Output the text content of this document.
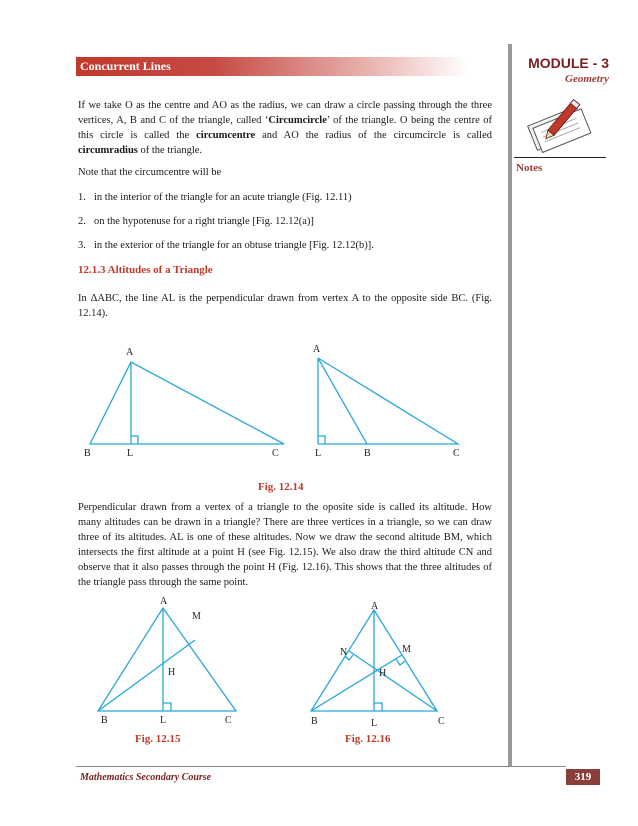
Concurrent Lines	MODULE - 3
Geometry
Notes
If we take O as the centre and AO as the radius, we can draw a circle passing through the three vertices, A, B and C of the triangle, called ‘Circumcircle’ of the triangle. O being the centre of this circle is called the circumcentre and AO the radius of the circumcircle is called circumradius of the triangle.
Note that the circumcentre will be
1. in the interior of the triangle for an acute triangle (Fig. 12.11)
2. on the hypotenuse for a right triangle [Fig. 12.12(a)]
3. in the exterior of the triangle for an obtuse triangle [Fig. 12.12(b)].
12.1.3 Altitudes of a Triangle
In ΔABC, the line AL is the perpendicular drawn from vertex A to the opposite side BC. (Fig. 12.14).
A
B	L	C
A
L	B	C
Fig. 12.14
Perpendicular drawn from a vertex of a triangle to the oposite side is called its altitude. How many altitudes can be drawn in a triangle? There are three vertices in a triangle, so we can draw three of its altitudes. AL is one of these altitudes. Now we draw the second altitude BM, which intersects the first altitude at a point H (see Fig. 12.15). We also draw the third altitude CN and observe that it also passes through the point H (Fig. 12.16). This shows that the three altitudes of the triangle pass through the same point.
A
M
H
B	L	C
A
N	M
H
B	L	C
Fig. 12.15	Fig. 12.16
Mathematics Secondary Course	319
